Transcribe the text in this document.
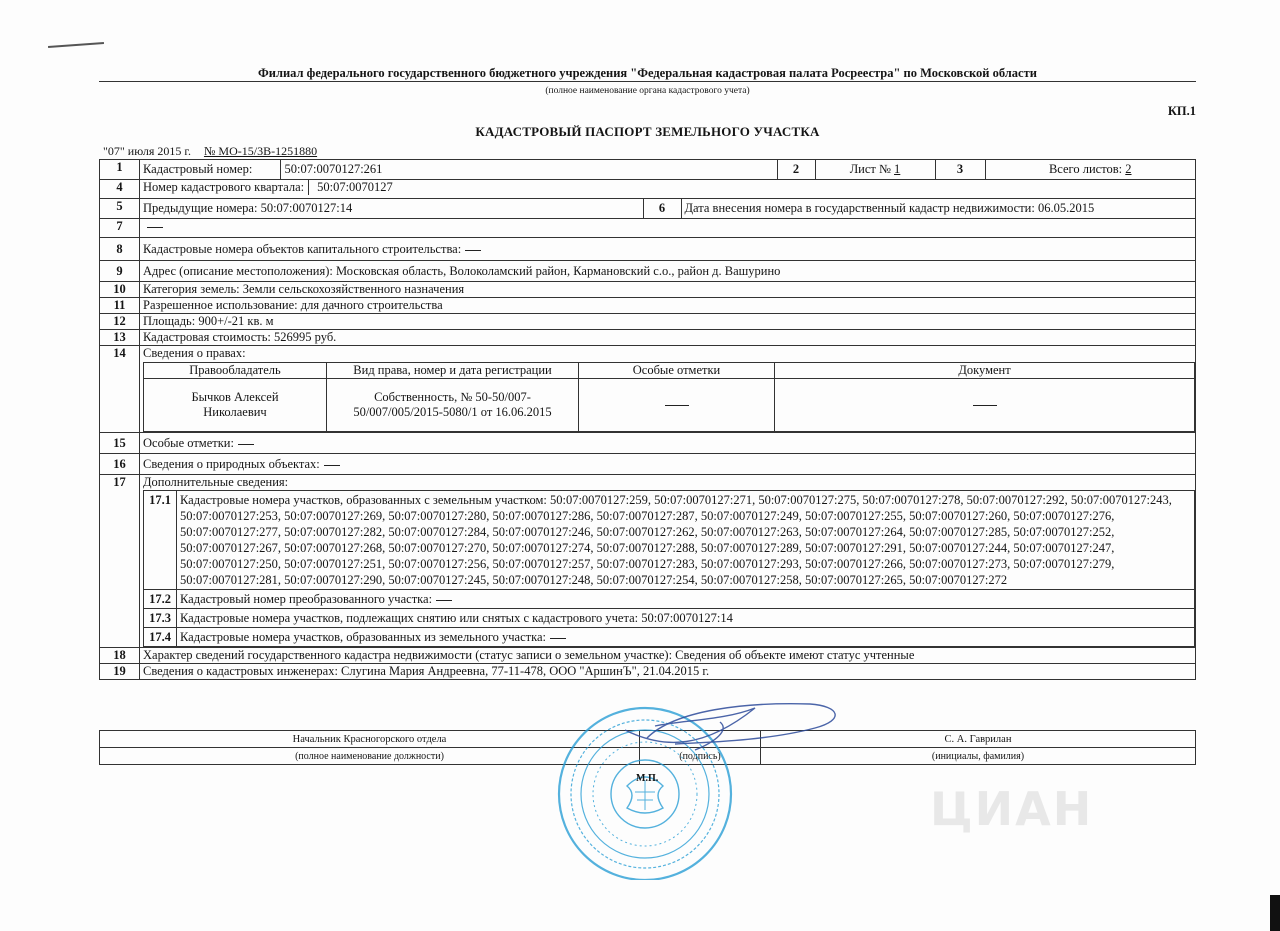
Филиал федерального государственного бюджетного учреждения "Федеральная кадастровая палата Росреестра" по Московской области
(полное наименование органа кадастрового учета)
КП.1
КАДАСТРОВЫЙ ПАСПОРТ ЗЕМЕЛЬНОГО УЧАСТКА
"07" июля 2015 г. № МО-15/3В-1251880
1	Кадастровый номер:	50:07:0070127:261	2	Лист № 1	3	Всего листов: 2

4	Номер кадастрового квартала: 50:07:0070127
5	Предыдущие номера: 50:07:0070127:14	6	Дата внесения номера в государственный кадастр недвижимости: 06.05.2015

7	
8	Кадастровые номера объектов капитального строительства:
9	Адрес (описание местоположения): Московская область, Волоколамский район, Кармановский с.о., район д. Вашурино
10	Категория земель: Земли сельскохозяйственного назначения
11	Разрешенное использование: для дачного строительства
12	Площадь: 900+/-21 кв. м
13	Кадастровая стоимость: 526995 руб.
14	Сведения о правах:
Правообладатель	Вид права, номер и дата регистрации	Особые отметки	Документ
Бычков Алексей Николаевич	Собственность, № 50-50/007-50/007/005/2015-5080/1 от 16.06.2015		

15	Особые отметки:
16	Сведения о природных объектах:
17	Дополнительные сведения:
17.1	Кадастровые номера участков, образованных с земельным участком: 50:07:0070127:259, 50:07:0070127:271, 50:07:0070127:275, 50:07:0070127:278, 50:07:0070127:292, 50:07:0070127:243, 50:07:0070127:253, 50:07:0070127:269, 50:07:0070127:280, 50:07:0070127:286, 50:07:0070127:287, 50:07:0070127:249, 50:07:0070127:255, 50:07:0070127:260, 50:07:0070127:276, 50:07:0070127:277, 50:07:0070127:282, 50:07:0070127:284, 50:07:0070127:246, 50:07:0070127:262, 50:07:0070127:263, 50:07:0070127:264, 50:07:0070127:285, 50:07:0070127:252, 50:07:0070127:267, 50:07:0070127:268, 50:07:0070127:270, 50:07:0070127:274, 50:07:0070127:288, 50:07:0070127:289, 50:07:0070127:291, 50:07:0070127:244, 50:07:0070127:247, 50:07:0070127:250, 50:07:0070127:251, 50:07:0070127:256, 50:07:0070127:257, 50:07:0070127:283, 50:07:0070127:293, 50:07:0070127:266, 50:07:0070127:273, 50:07:0070127:279, 50:07:0070127:281, 50:07:0070127:290, 50:07:0070127:245, 50:07:0070127:248, 50:07:0070127:254, 50:07:0070127:258, 50:07:0070127:265, 50:07:0070127:272
17.2	Кадастровый номер преобразованного участка:
17.3	Кадастровые номера участков, подлежащих снятию или снятых с кадастрового учета: 50:07:0070127:14
17.4	Кадастровые номера участков, образованных из земельного участка:

18	Характер сведений государственного кадастра недвижимости (статус записи о земельном участке): Сведения об объекте имеют статус учтенные
19	Сведения о кадастровых инженерах: Слугина Мария Андреевна, 77-11-478, ООО "АршинЪ", 21.04.2015 г.
Начальник Красногорского отдела		С. А. Гаврилан
(полное наименование должности)	(подпись)	(инициалы, фамилия)
М.П.
ЦИАН
